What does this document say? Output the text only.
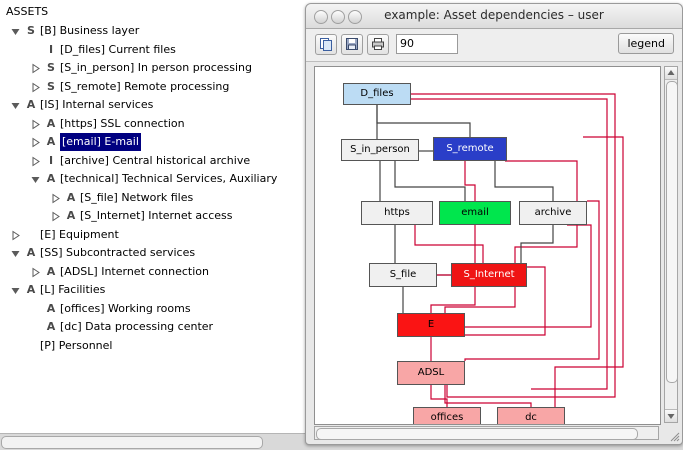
ASSETS
S [B] Business layer
I [D_files] Current files
S [S_in_person] In person processing
S [S_remote] Remote processing
A [IS] Internal services
A [https] SSL connection
A [email] E-mail
I [archive] Central historical archive
A [technical] Technical Services, Auxiliary
A [S_file] Network files
A [S_Internet] Internet access
[E] Equipment
A [SS] Subcontracted services
A [ADSL] Internet connection
A [L] Facilities
A [offices] Working rooms
A [dc] Data processing center
[P] Personnel
example: Asset dependencies – user
90	legend
D_files
S_in_person	S_remote
https	email	archive
S_file	S_Internet
E
ADSL
offices	dc
